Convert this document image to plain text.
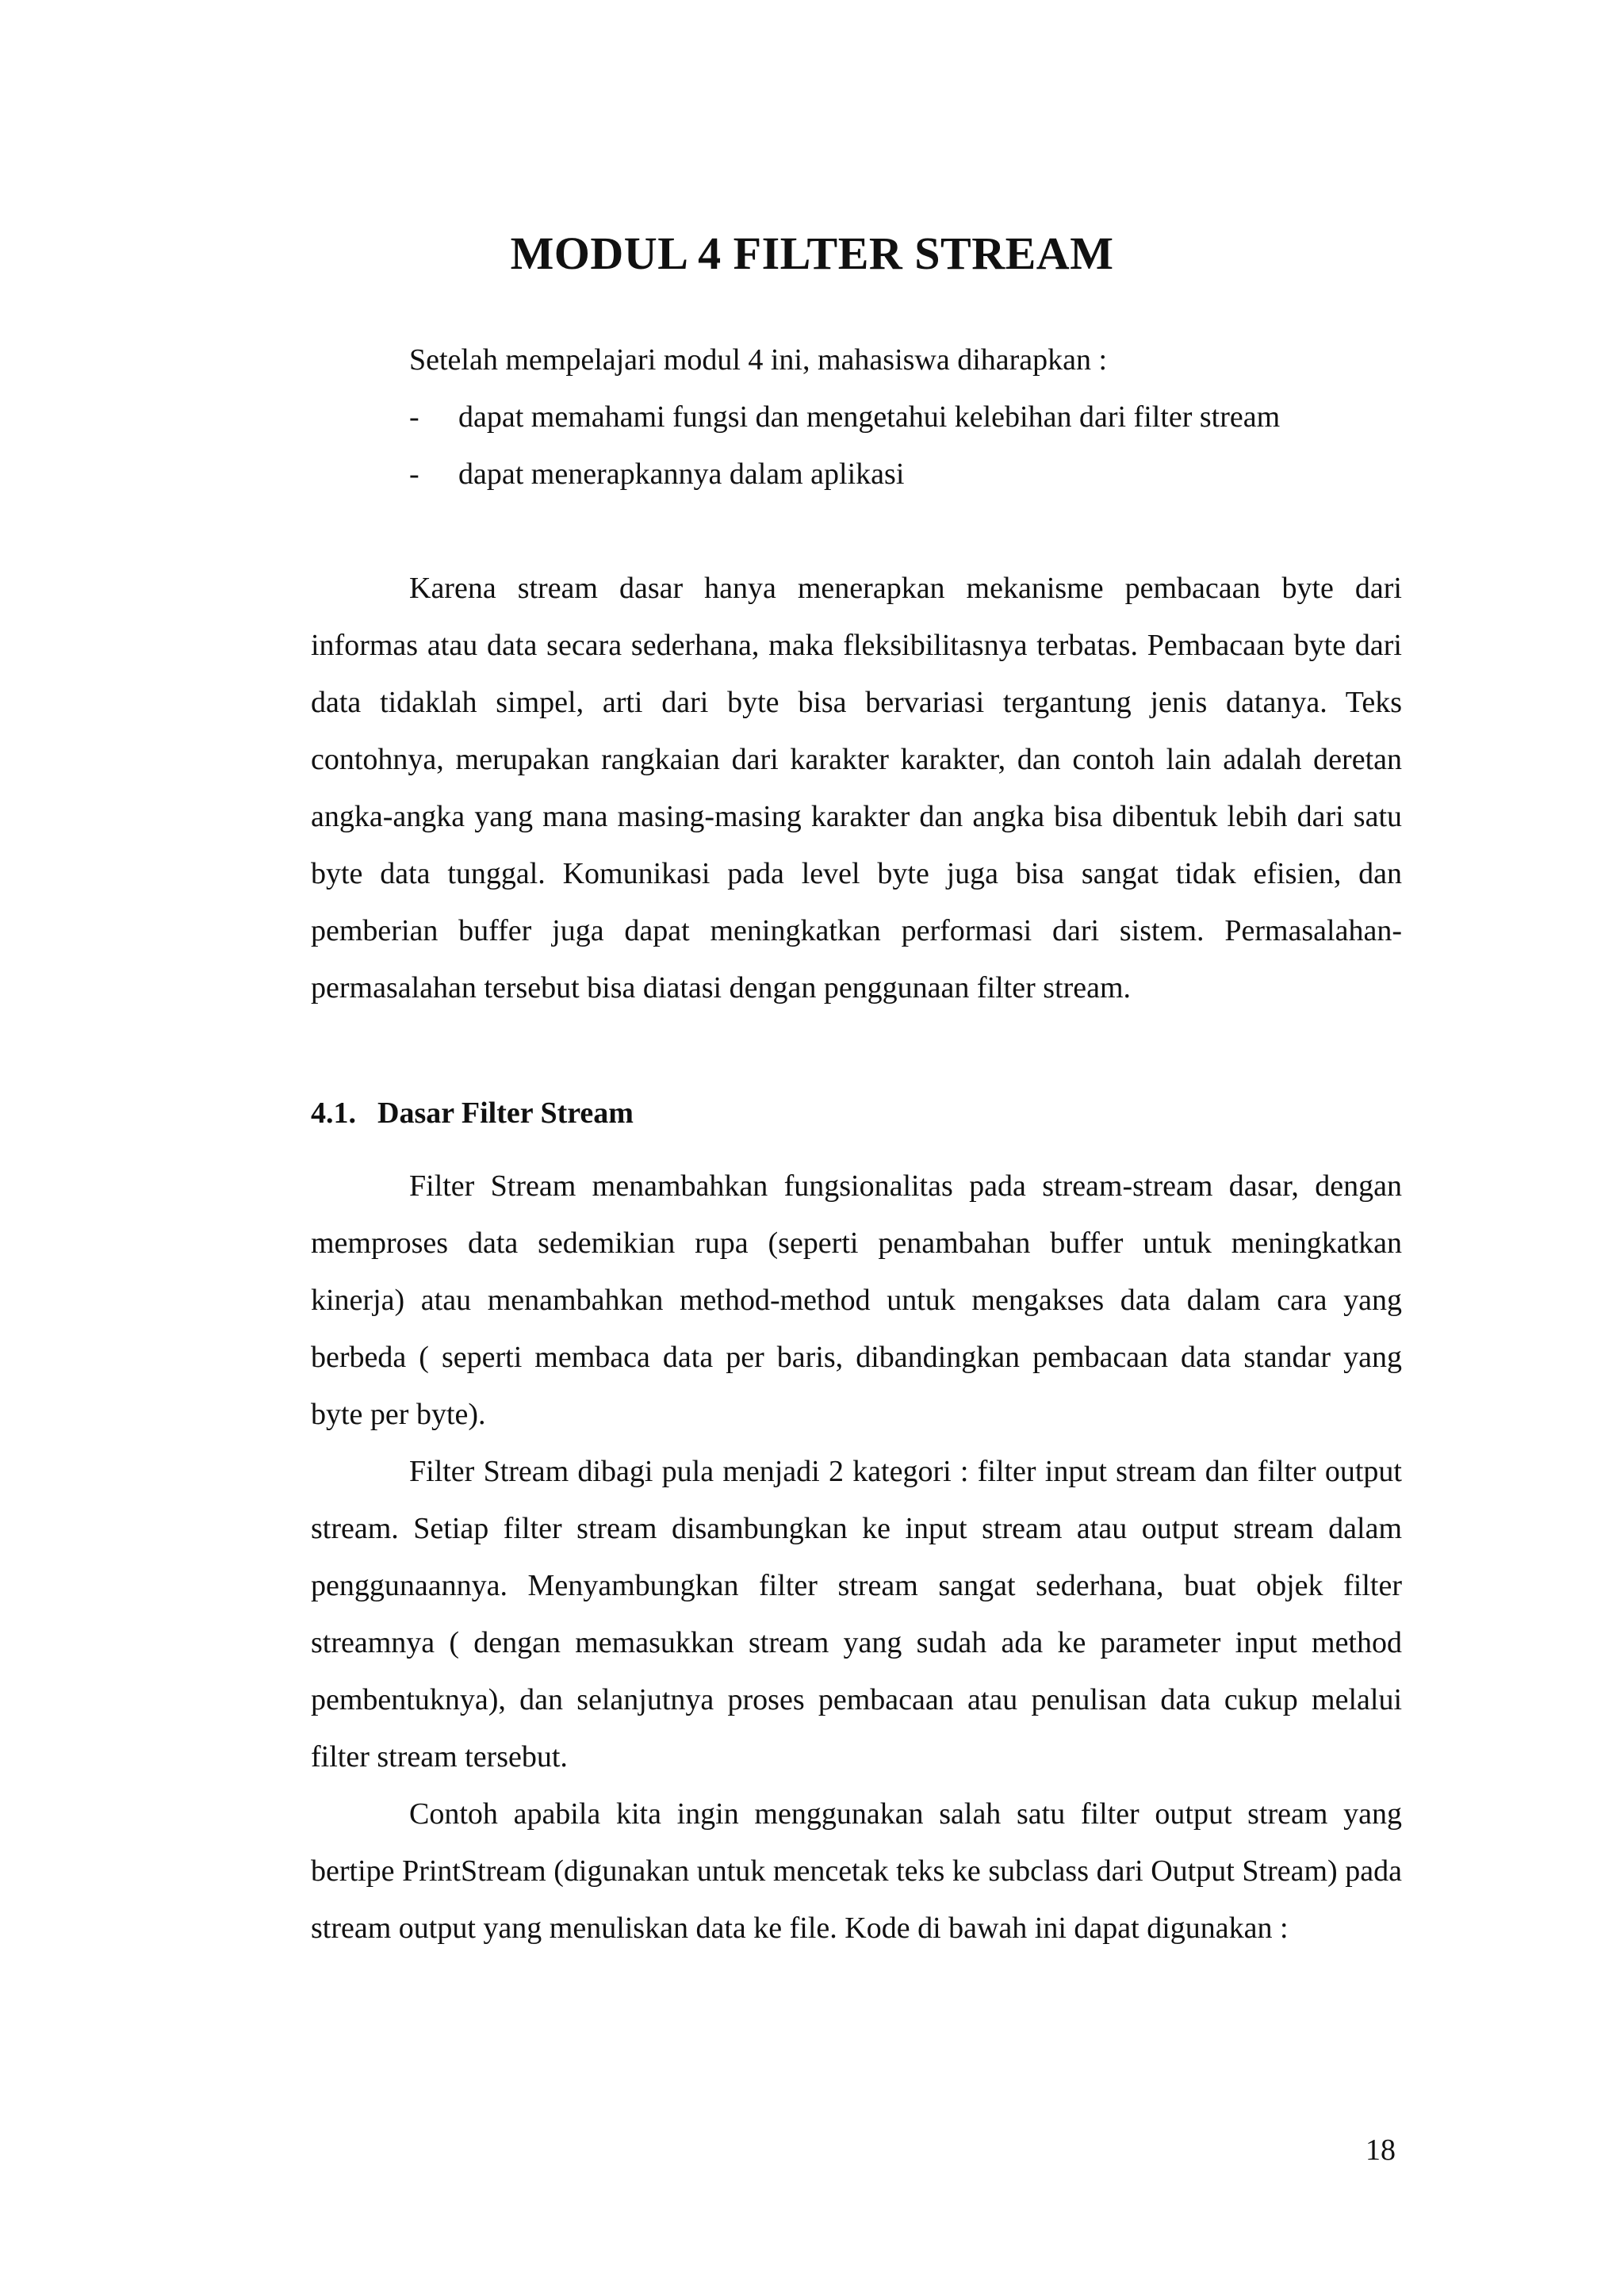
MODUL 4 FILTER STREAM
Setelah mempelajari modul 4 ini, mahasiswa diharapkan :
-	dapat memahami fungsi dan mengetahui kelebihan dari filter stream
-	dapat menerapkannya dalam aplikasi

Karena stream dasar hanya menerapkan mekanisme pembacaan byte dari informas atau data secara sederhana, maka fleksibilitasnya terbatas. Pembacaan byte dari data tidaklah simpel, arti dari byte bisa bervariasi tergantung jenis datanya. Teks contohnya, merupakan rangkaian dari karakter karakter, dan contoh lain adalah deretan angka-angka yang mana masing-masing karakter dan angka bisa dibentuk lebih dari satu byte data tunggal. Komunikasi pada level byte juga bisa sangat tidak efisien, dan pemberian buffer juga dapat meningkatkan performasi dari sistem. Permasalahan-permasalahan tersebut bisa diatasi dengan penggunaan filter stream.

4.1. Dasar Filter Stream

Filter Stream menambahkan fungsionalitas pada stream-stream dasar, dengan memproses data sedemikian rupa (seperti penambahan buffer untuk meningkatkan kinerja) atau menambahkan method-method untuk mengakses data dalam cara yang berbeda ( seperti membaca data per baris, dibandingkan pembacaan data standar yang byte per byte).

Filter Stream dibagi pula menjadi 2 kategori : filter input stream dan filter output stream. Setiap filter stream disambungkan ke input stream atau output stream dalam penggunaannya. Menyambungkan filter stream sangat sederhana, buat objek filter streamnya ( dengan memasukkan stream yang sudah ada ke parameter input method pembentuknya), dan selanjutnya proses pembacaan atau penulisan data cukup melalui filter stream tersebut.

Contoh apabila kita ingin menggunakan salah satu filter output stream yang bertipe PrintStream (digunakan untuk mencetak teks ke subclass dari Output Stream) pada stream output yang menuliskan data ke file. Kode di bawah ini dapat digunakan :

18
